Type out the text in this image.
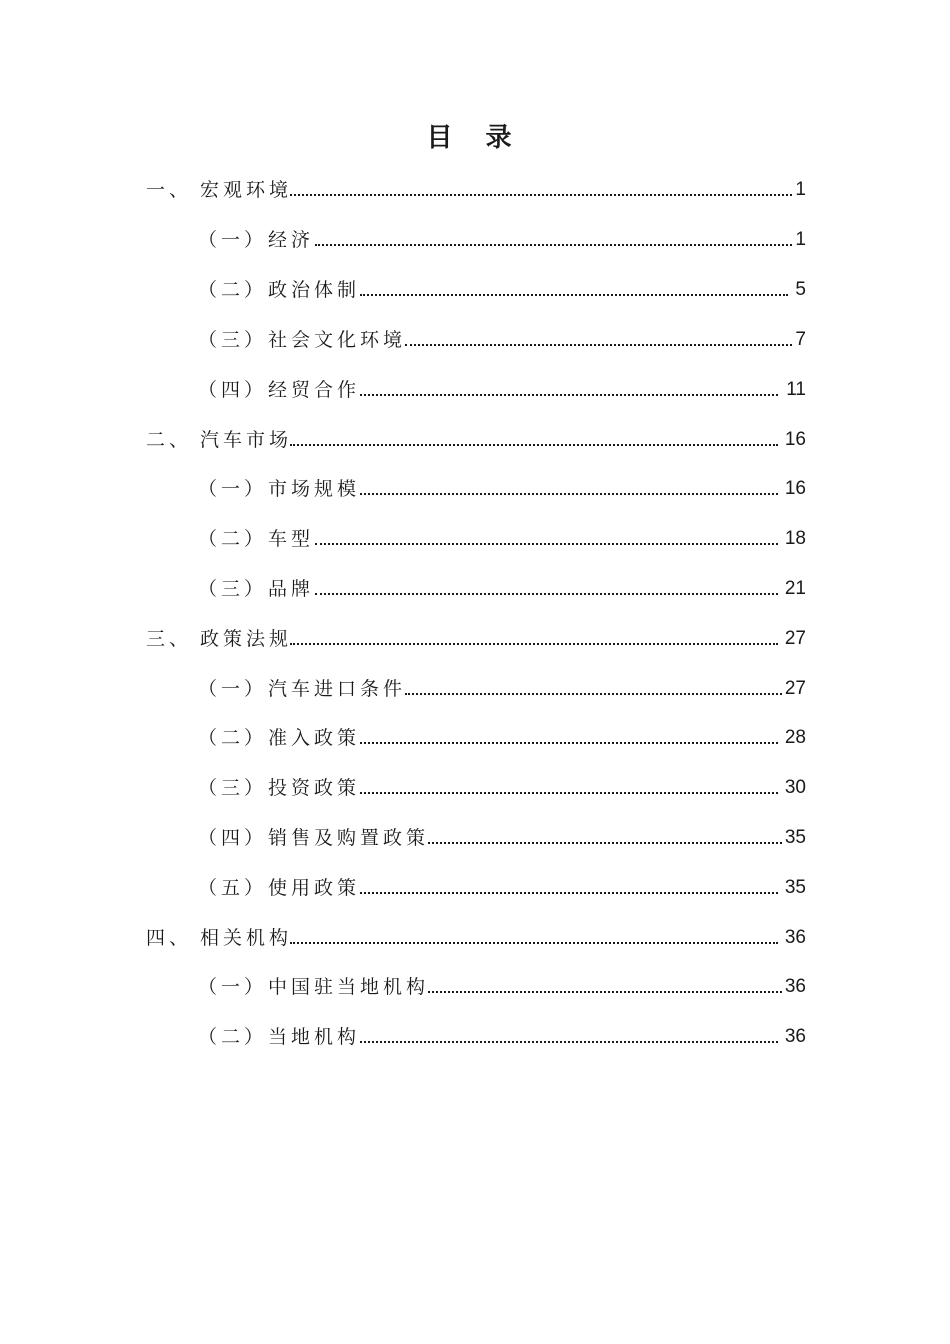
目 录
一、 宏观环境	1
（一） 经济	1
（二） 政治体制	5
（三） 社会文化环境	7
（四） 经贸合作	11
二、 汽车市场	16
（一） 市场规模	16
（二） 车型	18
（三） 品牌	21
三、 政策法规	27
（一） 汽车进口条件	27
（二） 准入政策	28
（三） 投资政策	30
（四） 销售及购置政策	35
（五） 使用政策	35
四、 相关机构	36
（一） 中国驻当地机构	36
（二） 当地机构	36
